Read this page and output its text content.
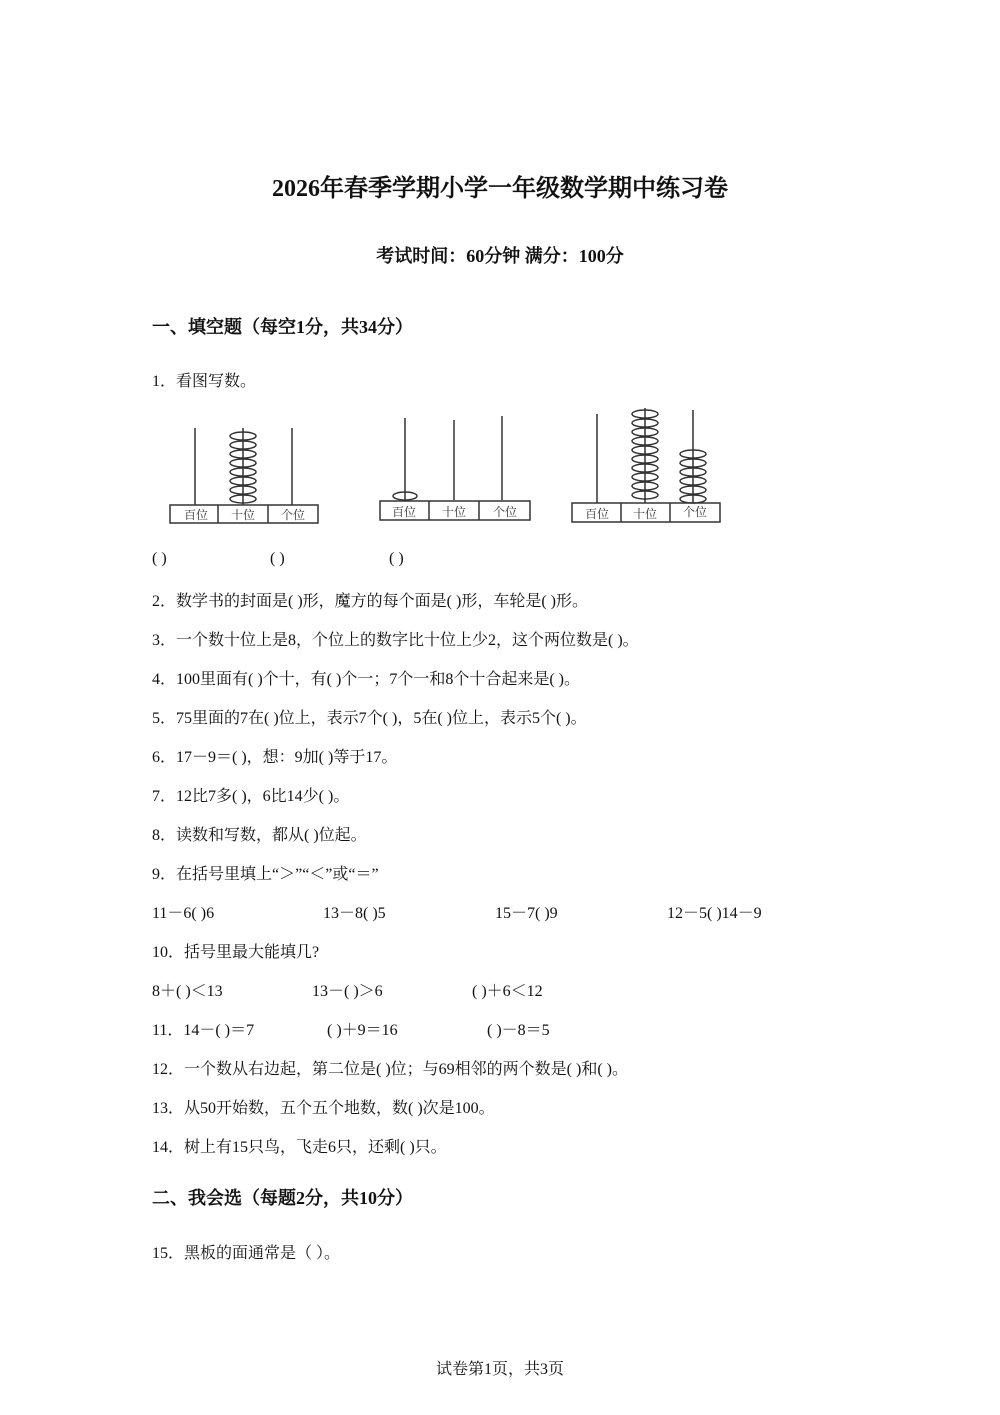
2026年春季学期小学一年级数学期中练习卷
考试时间：60分钟 满分：100分
一、填空题（每空1分，共34分）
1．看图写数。
百位 十位 个位	百位 十位 个位	百位 十位 个位
( )	( )	( )
2．数学书的封面是( )形，魔方的每个面是( )形，车轮是( )形。
3．一个数十位上是8，个位上的数字比十位上少2，这个两位数是( )。
4．100里面有( )个十，有( )个一；7个一和8个十合起来是( )。
5．75里面的7在( )位上，表示7个( )，5在( )位上，表示5个( )。
6．17－9＝( )，想：9加( )等于17。
7．12比7多( )，6比14少( )。
8．读数和写数，都从( )位起。
9．在括号里填上“＞”“＜”或“＝”
11－6( )6	13－8( )5	15－7( )9	12－5( )14－9
10．括号里最大能填几?
8＋( )＜13	13－( )＞6	( )＋6＜12
11．14－( )＝7	( )＋9＝16	( )－8＝5
12．一个数从右边起，第二位是( )位；与69相邻的两个数是( )和( )。
13．从50开始数，五个五个地数，数( )次是100。
14．树上有15只鸟，飞走6只，还剩( )只。
二、我会选（每题2分，共10分）
15．黑板的面通常是（ ）。
试卷第1页，共3页
